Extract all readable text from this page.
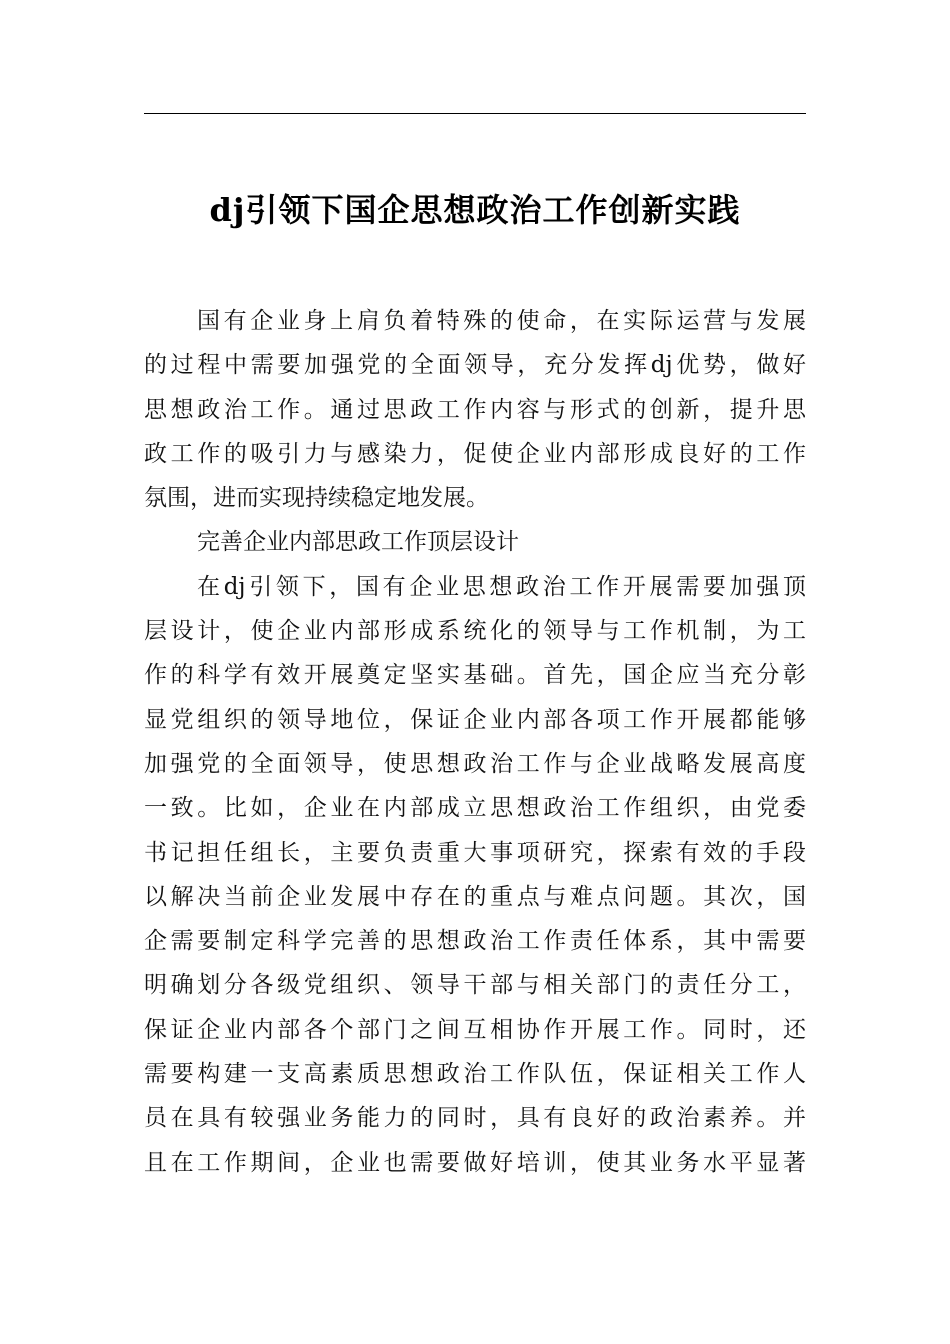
dj引领下国企思想政治工作创新实践
国有企业身上肩负着特殊的使命，在实际运营与发展
的过程中需要加强党的全面领导，充分发挥dj优势，做好
思想政治工作。通过思政工作内容与形式的创新，提升思
政工作的吸引力与感染力，促使企业内部形成良好的工作
氛围，进而实现持续稳定地发展。
完善企业内部思政工作顶层设计
在dj引领下，国有企业思想政治工作开展需要加强顶
层设计，使企业内部形成系统化的领导与工作机制，为工
作的科学有效开展奠定坚实基础。首先，国企应当充分彰
显党组织的领导地位，保证企业内部各项工作开展都能够
加强党的全面领导，使思想政治工作与企业战略发展高度
一致。比如，企业在内部成立思想政治工作组织，由党委
书记担任组长，主要负责重大事项研究，探索有效的手段
以解决当前企业发展中存在的重点与难点问题。其次，国
企需要制定科学完善的思想政治工作责任体系，其中需要
明确划分各级党组织、领导干部与相关部门的责任分工，
保证企业内部各个部门之间互相协作开展工作。同时，还
需要构建一支高素质思想政治工作队伍，保证相关工作人
员在具有较强业务能力的同时，具有良好的政治素养。并
且在工作期间，企业也需要做好培训，使其业务水平显著
